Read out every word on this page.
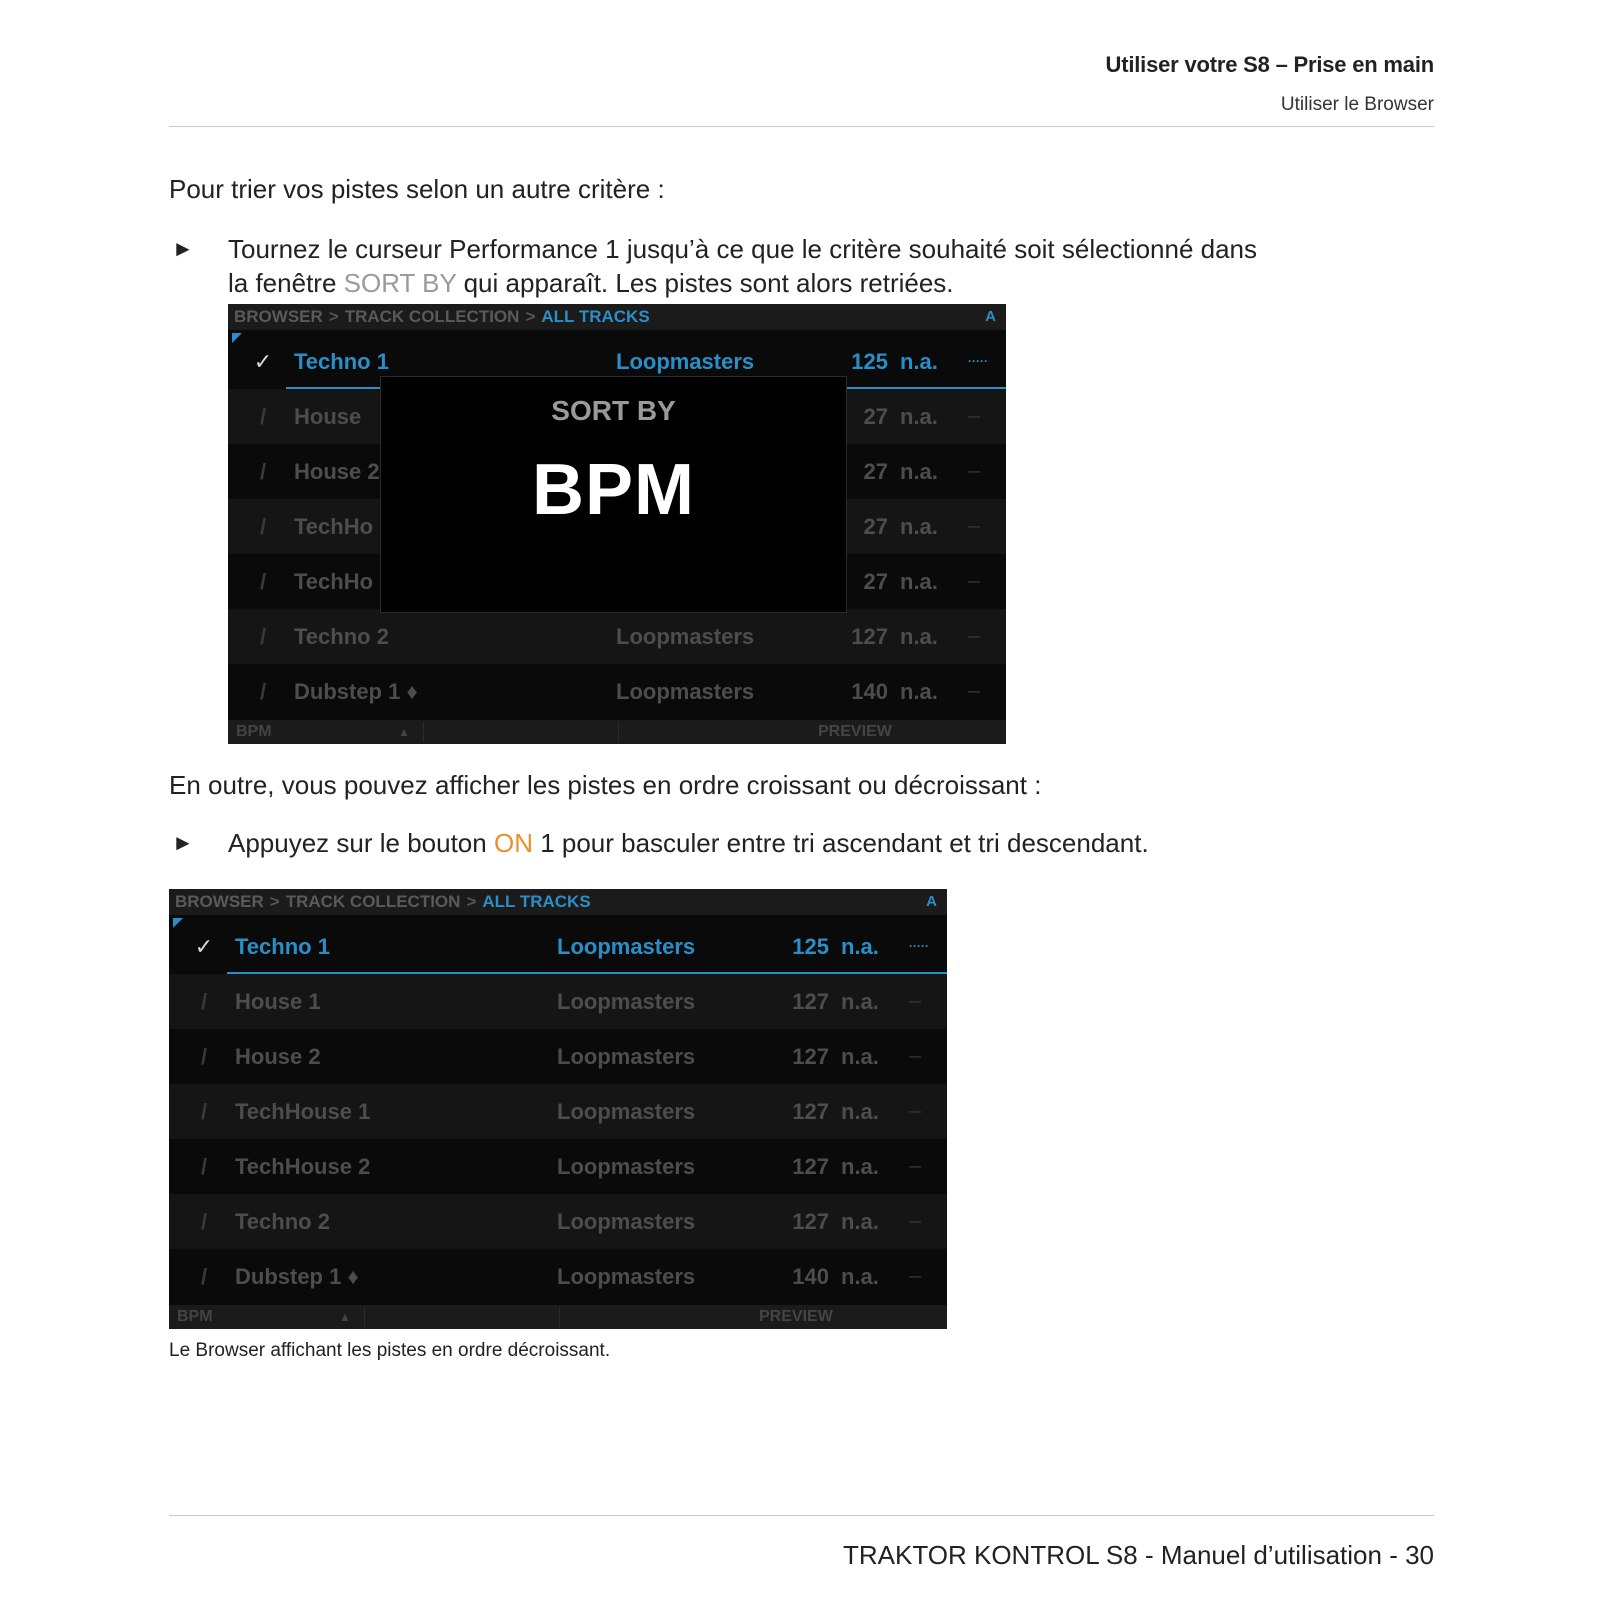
Utiliser votre S8 – Prise en main
Utiliser le Browser
Pour trier vos pistes selon un autre critère :
► Tournez le curseur Performance 1 jusqu’à ce que le critère souhaité soit sélectionné dans
la fenêtre SORT BY qui apparaît. Les pistes sont alors retriées.
BROWSER > TRACK COLLECTION > ALL TRACKS	A
✓ Techno 1	Loopmasters	125 n.a.	·····
/	House	27 n.a.	—
/	House 2	27 n.a.	—
/	TechHo	27 n.a.	—
/	TechHo	27 n.a.	—
/	Techno 2	Loopmasters	127 n.a.	—
/	Dubstep 1 ♦	Loopmasters	140 n.a.	—
SORT BY
BPM
BPM	▲	PREVIEW
En outre, vous pouvez afficher les pistes en ordre croissant ou décroissant :
► Appuyez sur le bouton ON 1 pour basculer entre tri ascendant et tri descendant.
BROWSER > TRACK COLLECTION > ALL TRACKS	A
✓ Techno 1	Loopmasters	125 n.a.	·····
/	House 1	Loopmasters	127 n.a.	—
/	House 2	Loopmasters	127 n.a.	—
/	TechHouse 1	Loopmasters	127 n.a.	—
/	TechHouse 2	Loopmasters	127 n.a.	—
/	Techno 2	Loopmasters	127 n.a.	—
/	Dubstep 1 ♦	Loopmasters	140 n.a.	—
BPM	▲	PREVIEW
Le Browser affichant les pistes en ordre décroissant.
TRAKTOR KONTROL S8 - Manuel d’utilisation - 30
